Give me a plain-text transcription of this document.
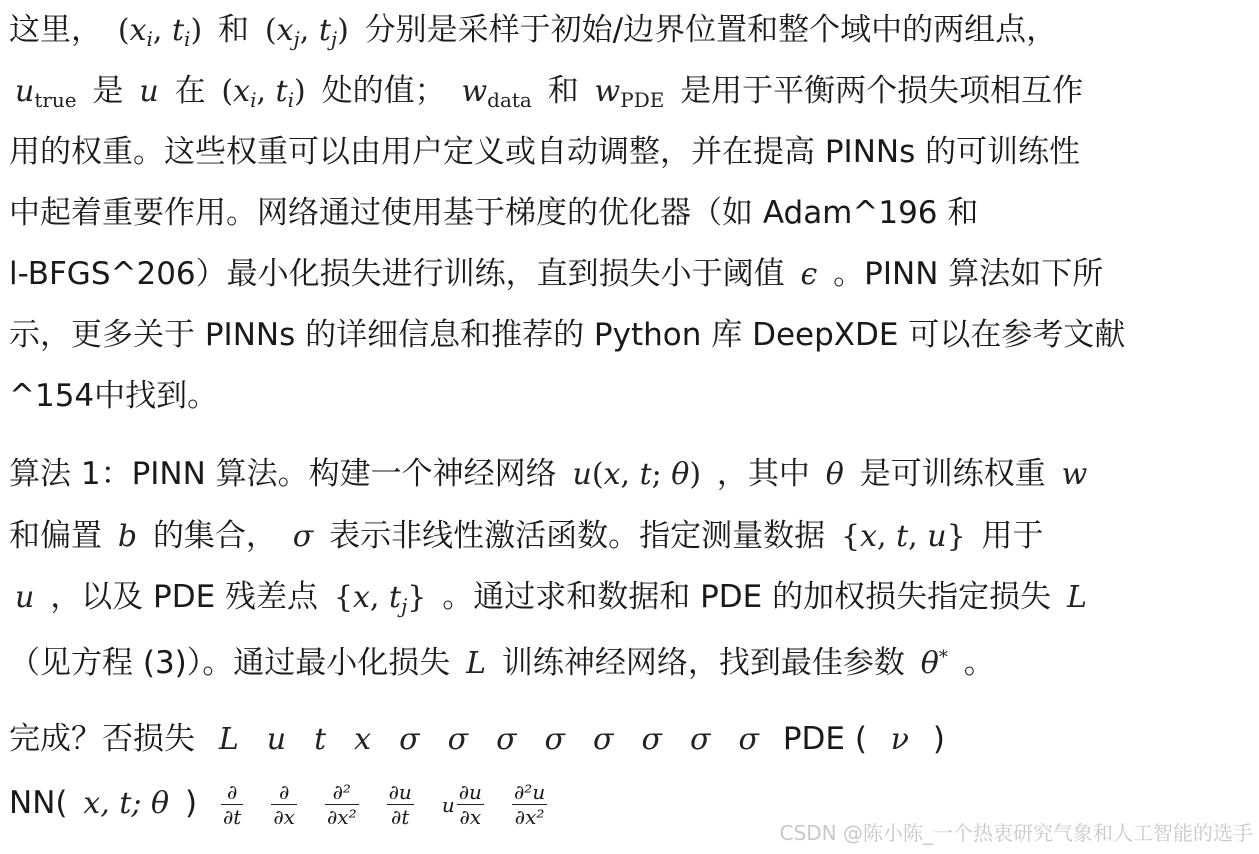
这里， ($x_i$, $t_i$) 和 ($x_j$, $t_j$) 分别是采样于初始/边界位置和整个域中的两组点，
$u_{true}$ 是 u 在 ($x_i$, $t_i$) 处的值； $w_{data}$ 和 $w_{PDE}$ 是用于平衡两个损失项相互作
用的权重。这些权重可以由用户定义或自动调整，并在提高 PINNs 的可训练性
中起着重要作用。网络通过使用基于梯度的优化器（如 Adam^196 和
l-BFGS^206）最小化损失进行训练，直到损失小于阈值 ϵ 。PINN 算法如下所
示，更多关于 PINNs 的详细信息和推荐的 Python 库 DeepXDE 可以在参考文献
^154中找到。
算法 1：PINN 算法。构建一个神经网络 u(x, t; θ) ，其中 θ 是可训练权重 w
和偏置 b 的集合， σ 表示非线性激活函数。指定测量数据 {x, t, u} 用于
u ，以及 PDE 残差点 {x, $t_j$} 。通过求和数据和 PDE 的加权损失指定损失 L
（见方程 (3)）。通过最小化损失 L 训练神经网络，找到最佳参数 θ* 。
完成？否损失 L u t x σ σ σ σ σ σ σ σ PDE ( ν )
NN( x, t; θ ) $\frac{\partial}{\partial t} \frac{\partial}{\partial x} \frac{\text{∂²}}{\text{∂x²}} \frac{\partial u}{\partial t}$ u $\frac{\partial u}{\partial x} \frac{\text{∂²u}}{\text{∂x²}}$
CSDN @陈小陈_一个热衷研究气象和人工智能的选手
